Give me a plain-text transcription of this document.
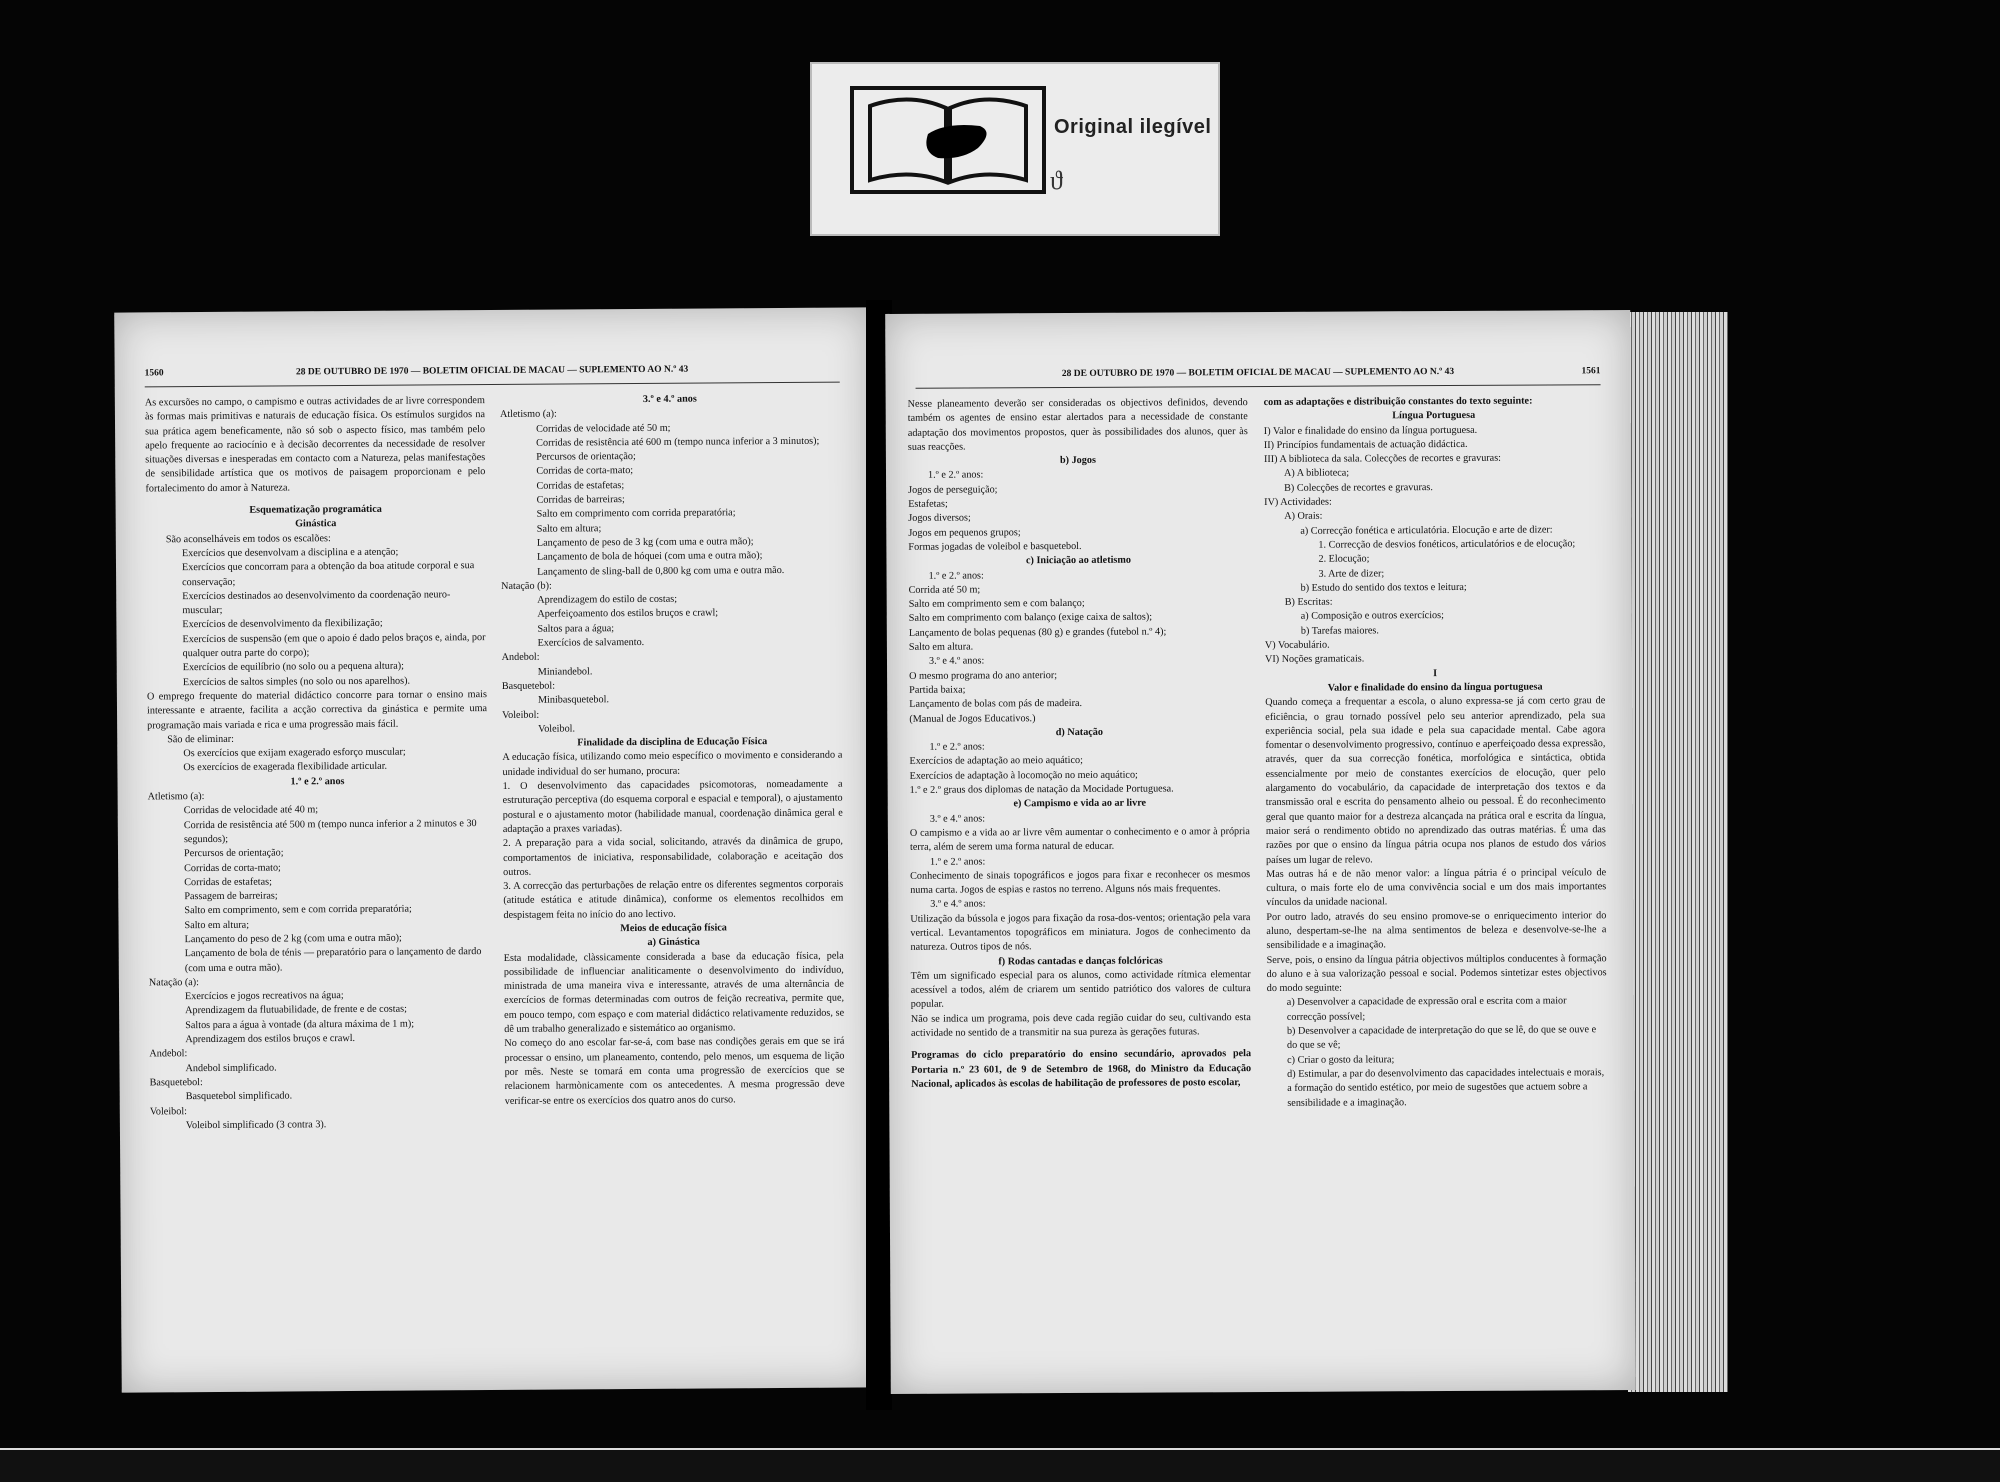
Original ilegível
ϑ
1560	28 DE OUTUBRO DE 1970 — BOLETIM OFICIAL DE MACAU — SUPLEMENTO AO N.º 43

As excursões no campo, o campismo e outras actividades de ar livre correspondem às formas mais primitivas e naturais de educação física. Os estímulos surgidos na sua prática agem beneficamente, não só sob o aspecto físico, mas também pelo apelo frequente ao raciocínio e à decisão decorrentes da necessidade de resolver situações diversas e inesperadas em contacto com a Natureza, pelas manifestações de sensibilidade artística que os motivos de paisagem proporcionam e pelo fortalecimento do amor à Natureza.

Esquematização programática

Ginástica

São aconselháveis em todos os escalões:

Exercícios que desenvolvam a disciplina e a atenção;

Exercícios que concorram para a obtenção da boa atitude corporal e sua conservação;

Exercícios destinados ao desenvolvimento da coordenação neuro-muscular;

Exercícios de desenvolvimento da flexibilização;

Exercícios de suspensão (em que o apoio é dado pelos braços e, ainda, por qualquer outra parte do corpo);

Exercícios de equilíbrio (no solo ou a pequena altura);

Exercícios de saltos simples (no solo ou nos aparelhos).

O emprego frequente do material didáctico concorre para tornar o ensino mais interessante e atraente, facilita a acção correctiva da ginástica e permite uma programação mais variada e rica e uma progressão mais fácil.

São de eliminar:

Os exercícios que exijam exagerado esforço muscular;

Os exercícios de exagerada flexibilidade articular.

1.º e 2.º anos

Atletismo (a):

Corridas de velocidade até 40 m;

Corrida de resistência até 500 m (tempo nunca inferior a 2 minutos e 30 segundos);

Percursos de orientação;

Corridas de corta-mato;

Corridas de estafetas;

Passagem de barreiras;

Salto em comprimento, sem e com corrida preparatória;

Salto em altura;

Lançamento do peso de 2 kg (com uma e outra mão);

Lançamento de bola de ténis — preparatório para o lançamento de dardo (com uma e outra mão).

Natação (a):

Exercícios e jogos recreativos na água;

Aprendizagem da flutuabilidade, de frente e de costas;

Saltos para a água à vontade (da altura máxima de 1 m);

Aprendizagem dos estilos bruços e crawl.

Andebol:

Andebol simplificado.

Basquetebol:

Basquetebol simplificado.

Voleibol:

Voleibol simplificado (3 contra 3).

3.º e 4.º anos

Atletismo (a):

Corridas de velocidade até 50 m;

Corridas de resistência até 600 m (tempo nunca inferior a 3 minutos);

Percursos de orientação;

Corridas de corta-mato;

Corridas de estafetas;

Corridas de barreiras;

Salto em comprimento com corrida preparatória;

Salto em altura;

Lançamento de peso de 3 kg (com uma e outra mão);

Lançamento de bola de hóquei (com uma e outra mão);

Lançamento de sling-ball de 0,800 kg com uma e outra mão.

Natação (b):

Aprendizagem do estilo de costas;

Aperfeiçoamento dos estilos bruços e crawl;

Saltos para a água;

Exercícios de salvamento.

Andebol:

Miniandebol.

Basquetebol:

Minibasquetebol.

Voleibol:

Voleibol.

Finalidade da disciplina de Educação Física

A educação física, utilizando como meio específico o movimento e considerando a unidade individual do ser humano, procura:

1. O desenvolvimento das capacidades psicomotoras, nomeadamente a estruturação perceptiva (do esquema corporal e espacial e temporal), o ajustamento postural e o ajustamento motor (habilidade manual, coordenação dinâmica geral e adaptação a praxes variadas).

2. A preparação para a vida social, solicitando, através da dinâmica de grupo, comportamentos de iniciativa, responsabilidade, colaboração e aceitação dos outros.

3. A correcção das perturbações de relação entre os diferentes segmentos corporais (atitude estática e atitude dinâmica), conforme os elementos recolhidos em despistagem feita no início do ano lectivo.

Meios de educação física

a) Ginástica

Esta modalidade, clàssicamente considerada a base da educação física, pela possibilidade de influenciar analiticamente o desenvolvimento do indivíduo, ministrada de uma maneira viva e interessante, através de uma alternância de exercícios de formas determinadas com outros de feição recreativa, permite que, em pouco tempo, com espaço e com material didáctico relativamente reduzidos, se dê um trabalho generalizado e sistemático ao organismo.

No começo do ano escolar far-se-á, com base nas condições gerais em que se irá processar o ensino, um planeamento, contendo, pelo menos, um esquema de lição por mês. Neste se tomará em conta uma progressão de exercícios que se relacionem harmònicamente com os antecedentes. A mesma progressão deve verificar-se entre os exercícios dos quatro anos do curso.

28 DE OUTUBRO DE 1970 — BOLETIM OFICIAL DE MACAU — SUPLEMENTO AO N.º 43	1561

Nesse planeamento deverão ser consideradas os objectivos definidos, devendo também os agentes de ensino estar alertados para a necessidade de constante adaptação dos movimentos propostos, quer às possibilidades dos alunos, quer às suas reacções.

b) Jogos

1.º e 2.º anos:

Jogos de perseguição;

Estafetas;

Jogos diversos;

Jogos em pequenos grupos;

Formas jogadas de voleibol e basquetebol.

c) Iniciação ao atletismo

1.º e 2.º anos:

Corrida até 50 m;

Salto em comprimento sem e com balanço;

Salto em comprimento com balanço (exige caixa de saltos);

Lançamento de bolas pequenas (80 g) e grandes (futebol n.º 4);

Salto em altura.

3.º e 4.º anos:

O mesmo programa do ano anterior;

Partida baixa;

Lançamento de bolas com pás de madeira.

(Manual de Jogos Educativos.)

d) Natação

1.º e 2.º anos:

Exercícios de adaptação ao meio aquático;

Exercícios de adaptação à locomoção no meio aquático;

1.º e 2.º graus dos diplomas de natação da Mocidade Portuguesa.

e) Campismo e vida ao ar livre

3.º e 4.º anos:

O campismo e a vida ao ar livre vêm aumentar o conhecimento e o amor à própria terra, além de serem uma forma natural de educar.

1.º e 2.º anos:

Conhecimento de sinais topográficos e jogos para fixar e reconhecer os mesmos numa carta. Jogos de espias e rastos no terreno. Alguns nós mais frequentes.

3.º e 4.º anos:

Utilização da bússola e jogos para fixação da rosa-dos-ventos; orientação pela vara vertical. Levantamentos topográficos em miniatura. Jogos de conhecimento da natureza. Outros tipos de nós.

f) Rodas cantadas e danças folclóricas

Têm um significado especial para os alunos, como actividade rítmica elementar acessível a todos, além de criarem um sentido patriótico dos valores de cultura popular.

Não se indica um programa, pois deve cada região cuidar do seu, cultivando esta actividade no sentido de a transmitir na sua pureza às gerações futuras.

Programas do ciclo preparatório do ensino secundário, aprovados pela Portaria n.º 23 601, de 9 de Setembro de 1968, do Ministro da Educação Nacional, aplicados às escolas de habilitação de professores de posto escolar,

com as adaptações e distribuição constantes do texto seguinte:

Língua Portuguesa

I) Valor e finalidade do ensino da língua portuguesa.

II) Princípios fundamentais de actuação didáctica.

III) A biblioteca da sala. Colecções de recortes e gravuras:

A) A biblioteca;

B) Colecções de recortes e gravuras.

IV) Actividades:

A) Orais:

a) Correcção fonética e articulatória. Elocução e arte de dizer:

1. Correcção de desvios fonéticos, articulatórios e de elocução;

2. Elocução;

3. Arte de dizer;

b) Estudo do sentido dos textos e leitura;

B) Escritas:

a) Composição e outros exercícios;

b) Tarefas maiores.

V) Vocabulário.

VI) Noções gramaticais.

I

Valor e finalidade do ensino da língua portuguesa

Quando começa a frequentar a escola, o aluno expressa-se já com certo grau de eficiência, o grau tornado possível pelo seu anterior aprendizado, pela sua experiência social, pela sua idade e pela sua capacidade mental. Cabe agora fomentar o desenvolvimento progressivo, contínuo e aperfeiçoado dessa expressão, através, quer da sua correcção fonética, morfológica e sintáctica, obtida essencialmente por meio de constantes exercícios de elocução, quer pelo alargamento do vocabulário, da capacidade de interpretação dos textos e da transmissão oral e escrita do pensamento alheio ou pessoal. É do reconhecimento geral que quanto maior for a destreza alcançada na prática oral e escrita da língua, maior será o rendimento obtido no aprendizado das outras matérias. É uma das razões por que o ensino da língua pátria ocupa nos planos de estudo dos vários países um lugar de relevo.

Mas outras há e de não menor valor: a língua pátria é o principal veículo de cultura, o mais forte elo de uma convivência social e um dos mais importantes vínculos da unidade nacional.

Por outro lado, através do seu ensino promove-se o enriquecimento interior do aluno, despertam-se-lhe na alma sentimentos de beleza e desenvolve-se-lhe a sensibilidade e a imaginação.

Serve, pois, o ensino da língua pátria objectivos múltiplos conducentes à formação do aluno e à sua valorização pessoal e social. Podemos sintetizar estes objectivos do modo seguinte:

a) Desenvolver a capacidade de expressão oral e escrita com a maior correcção possível;

b) Desenvolver a capacidade de interpretação do que se lê, do que se ouve e do que se vê;

c) Criar o gosto da leitura;

d) Estimular, a par do desenvolvimento das capacidades intelectuais e morais, a formação do sentido estético, por meio de sugestões que actuem sobre a sensibilidade e a imaginação.
